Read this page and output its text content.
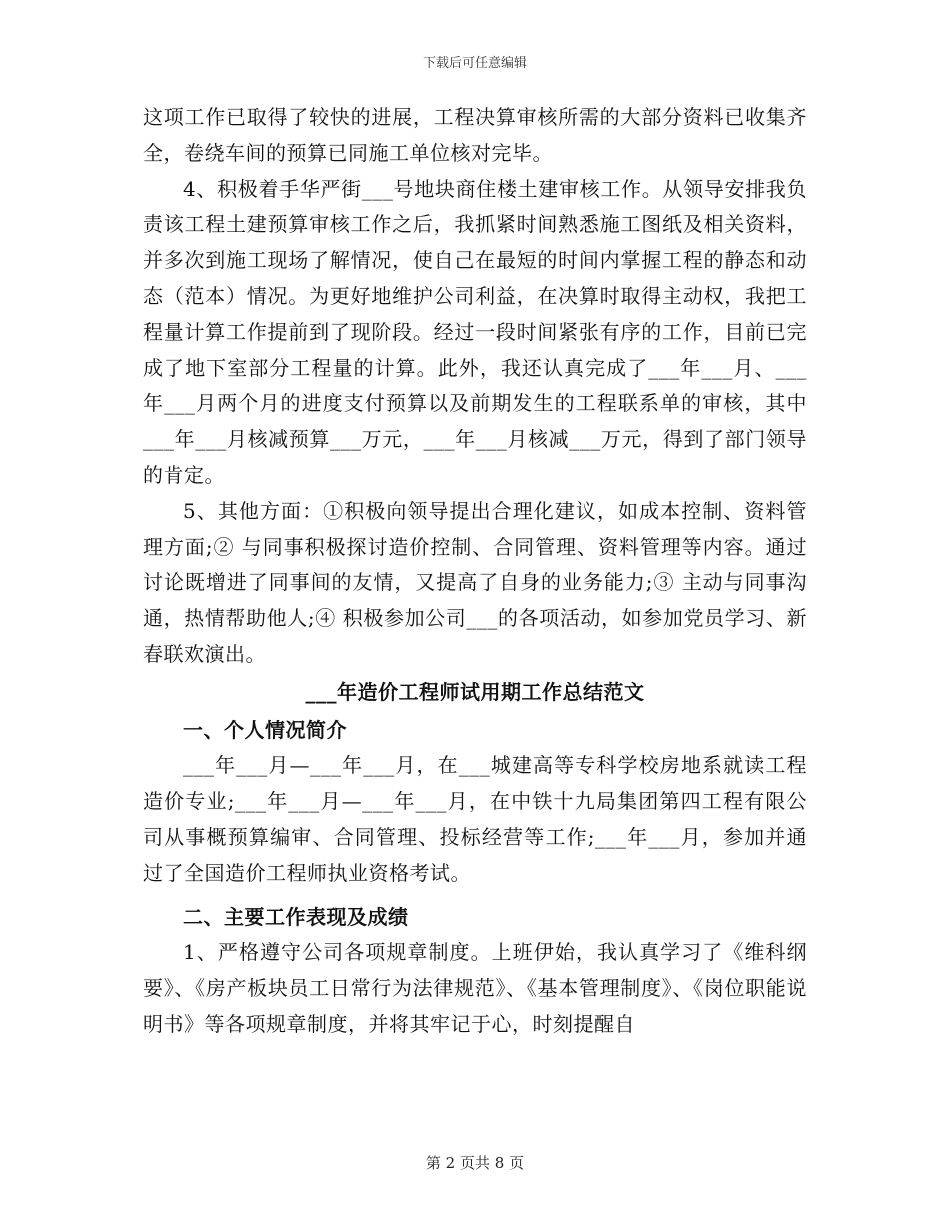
下载后可任意编辑

这项工作已取得了较快的进展，工程决算审核所需的大部分资料已收集齐全，卷绕车间的预算已同施工单位核对完毕。

4、积极着手华严街___号地块商住楼土建审核工作。从领导安排我负责该工程土建预算审核工作之后，我抓紧时间熟悉施工图纸及相关资料，并多次到施工现场了解情况，使自己在最短的时间内掌握工程的静态和动态（范本）情况。为更好地维护公司利益，在决算时取得主动权，我把工程量计算工作提前到了现阶段。经过一段时间紧张有序的工作，目前已完成了地下室部分工程量的计算。此外，我还认真完成了___年___月、___年___月两个月的进度支付预算以及前期发生的工程联系单的审核，其中___年___月核减预算___万元，___年___月核减___万元，得到了部门领导的肯定。

5、其他方面：①积极向领导提出合理化建议，如成本控制、资料管理方面;② 与同事积极探讨造价控制、合同管理、资料管理等内容。通过讨论既增进了同事间的友情，又提高了自身的业务能力;③ 主动与同事沟通，热情帮助他人;④ 积极参加公司___的各项活动，如参加党员学习、新春联欢演出。

___年造价工程师试用期工作总结范文

一、个人情况简介

___年___月—___年___月，在___城建高等专科学校房地系就读工程造价专业;___年___月—___年___月，在中铁十九局集团第四工程有限公司从事概预算编审、合同管理、投标经营等工作;___年___月，参加并通过了全国造价工程师执业资格考试。

二、主要工作表现及成绩

1、严格遵守公司各项规章制度。上班伊始，我认真学习了《维科纲要》、《房产板块员工日常行为法律规范》、《基本管理制度》、《岗位职能说明书》等各项规章制度，并将其牢记于心，时刻提醒自

第 2 页共 8 页
